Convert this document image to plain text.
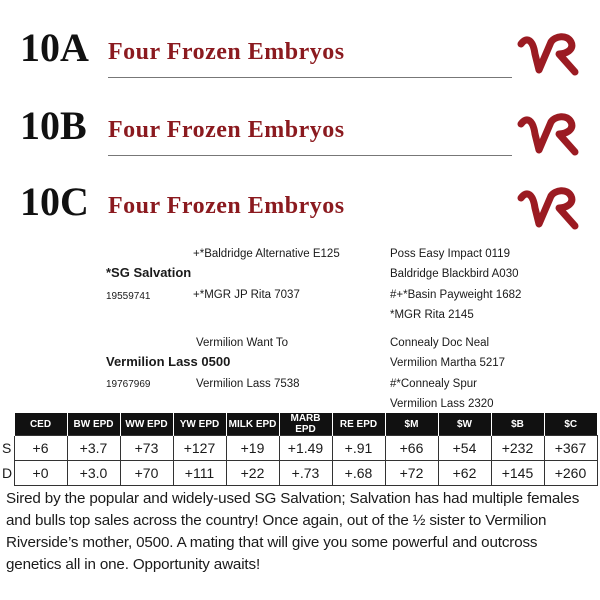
10A Four Frozen Embryos
10B Four Frozen Embryos
10C Four Frozen Embryos
+*Baldridge Alternative E125
*SG Salvation
19559741	+*MGR JP Rita 7037
Poss Easy Impact 0119
Baldridge Blackbird A030
#+*Basin Payweight 1682
*MGR Rita 2145
Vermilion Want To
Vermilion Lass 0500
19767969	Vermilion Lass 7538
Connealy Doc Neal
Vermilion Martha 5217
#*Connealy Spur
Vermilion Lass 2320
	CED	BW EPD	WW EPD	YW EPD	MILK EPD	MARB EPD	RE EPD	$M	$W	$B	$C
S	+6	+3.7	+73	+127	+19	+1.49	+.91	+66	+54	+232	+367
D	+0	+3.0	+70	+111	+22	+.73	+.68	+72	+62	+145	+260
Sired by the popular and widely-used SG Salvation; Salvation has had multiple females and bulls top sales across the country! Once again, out of the ½ sister to Vermilion Riverside’s mother, 0500. A mating that will give you some powerful and outcross genetics all in one. Opportunity awaits!
